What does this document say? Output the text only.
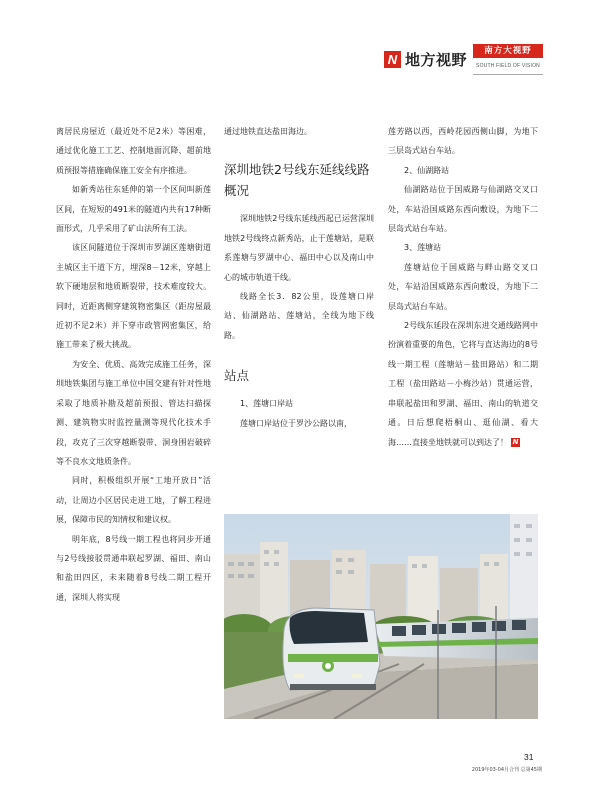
N 地方视野	南方大视野
SOUTH FIELD OF VISION

离居民房屋近（最近处不足2米）等困难，通过优化施工工艺、控制地面沉降、超前地质预报等措施确保施工安全有序推进。

如新秀站往东延伸的第一个区间叫新莲区间，在短短的491米的隧道内共有17种断面形式，几乎采用了矿山法所有工法。

该区间隧道位于深圳市罗湖区莲塘街道主城区主干道下方，埋深8－12米，穿越上软下硬地层和地质断裂带，技术难度较大。同时，近距离侧穿建筑物密集区（距房屋最近初不足2米）并下穿市政管网密集区，给施工带来了极大挑战。

为安全、优质、高效完成施工任务，深圳地铁集团与施工单位中国交建有针对性地采取了地质补勘及超前预报、管达扫描探测、建筑物实时监控量测等现代化技术手段，攻克了三次穿越断裂带、洞身围岩破碎等不良水文地质条件。

同时，积极组织开展“工地开放日”活动，让周边小区居民走进工地，了解工程进展，保障市民的知情权和建议权。

明年底，8号线一期工程也将同步开通与2号线接驳贯通串联起罗湖、福田、南山和盐田四区，未来随着8号线二期工程开通，深圳人将实现

通过地铁直达盐田海边。

深圳地铁2号线东延线线路概况

深圳地铁2号线东延线西起已运营深圳地铁2号线终点新秀站，止于莲塘站，是联系莲塘与罗湖中心、福田中心以及南山中心的城市轨道干线。

线路全长3．82公里，设莲塘口岸站、仙湖路站、莲塘站，全线为地下线路。

站点

1、莲塘口岸站

莲塘口岸站位于罗沙公路以南，

莲芳路以西，西岭花园西侧山脚，为地下三层岛式站台车站。

2、仙湖路站

仙湖路站位于国威路与仙湖路交叉口处，车站沿国威路东西向敷设，为地下二层岛式站台车站。

3、莲塘站

莲塘站位于国威路与畔山路交叉口处，车站沿国威路东西向敷设，为地下二层岛式站台车站。

2号线东延段在深圳东进交通线路网中扮演着重要的角色，它将与直达海边的8号线一期工程（莲塘站－盐田路站）和二期工程（盐田路站－小梅沙站）贯通运营，串联起盐田和罗湖、福田、南山的轨道交通。日后想爬梧桐山、逛仙湖、看大海……直接坐地铁就可以到达了！ N

31
2019年03-04月合刊 总第45期
